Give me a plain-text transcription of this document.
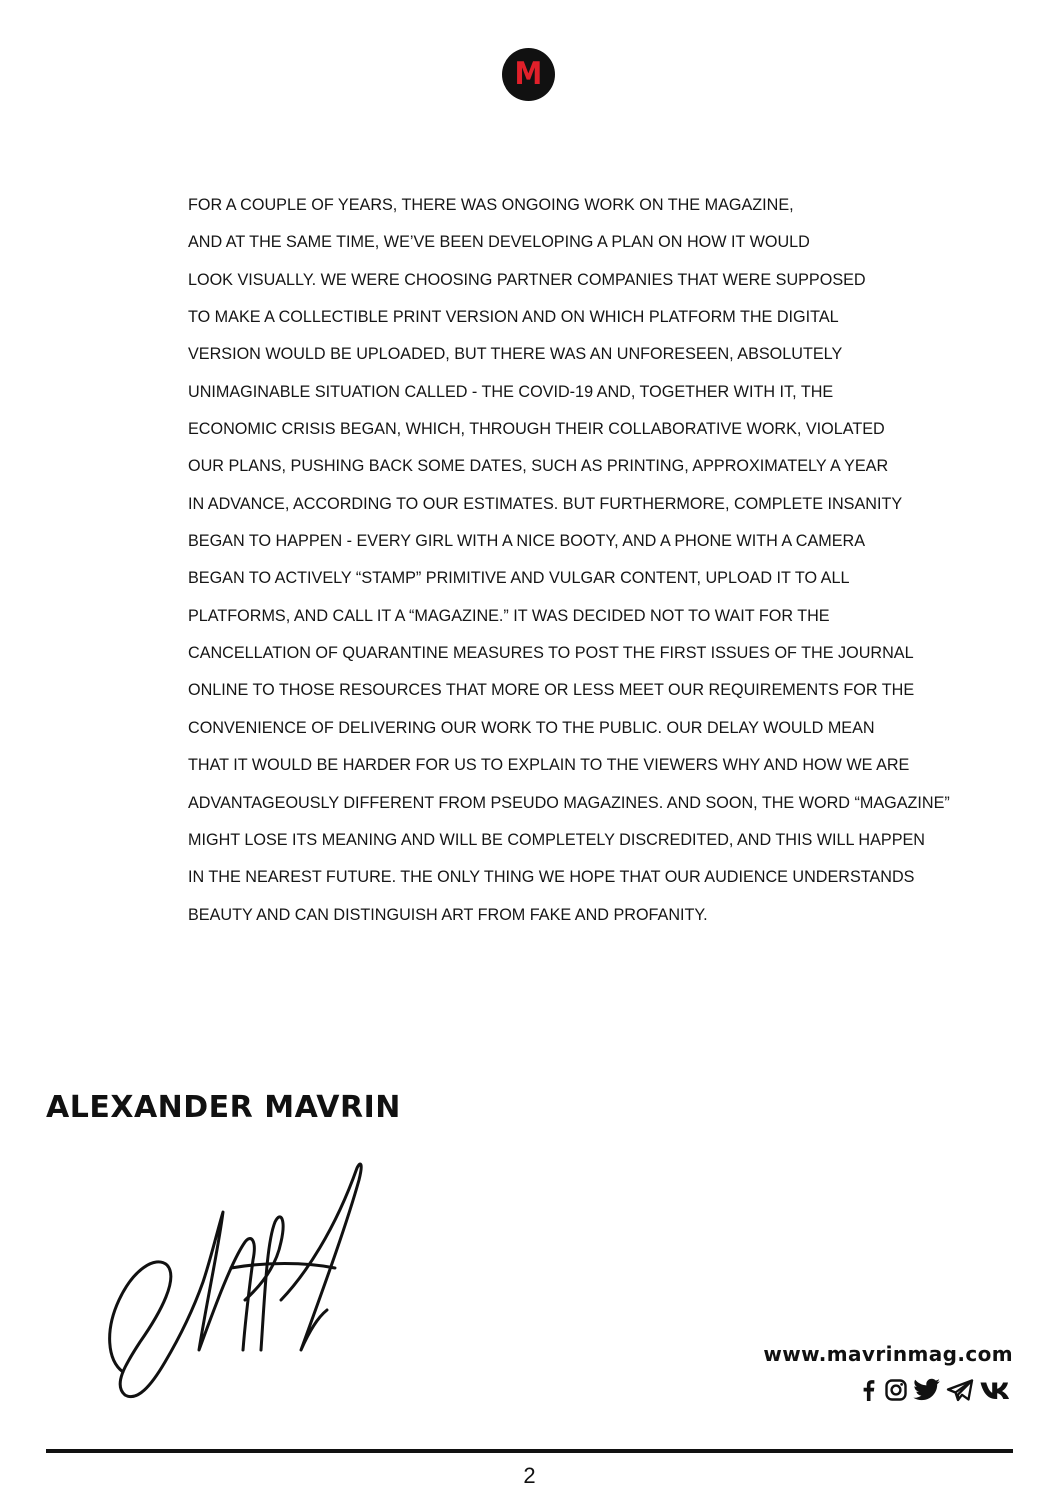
M
FOR A COUPLE OF YEARS, THERE WAS ONGOING WORK ON THE MAGAZINE,
AND AT THE SAME TIME, WE’VE BEEN DEVELOPING A PLAN ON HOW IT WOULD
LOOK VISUALLY. WE WERE CHOOSING PARTNER COMPANIES THAT WERE SUPPOSED
TO MAKE A COLLECTIBLE PRINT VERSION AND ON WHICH PLATFORM THE DIGITAL
VERSION WOULD BE UPLOADED, BUT THERE WAS AN UNFORESEEN, ABSOLUTELY
UNIMAGINABLE SITUATION CALLED - THE COVID-19 AND, TOGETHER WITH IT, THE
ECONOMIC CRISIS BEGAN, WHICH, THROUGH THEIR COLLABORATIVE WORK, VIOLATED
OUR PLANS, PUSHING BACK SOME DATES, SUCH AS PRINTING, APPROXIMATELY A YEAR
IN ADVANCE, ACCORDING TO OUR ESTIMATES. BUT FURTHERMORE, COMPLETE INSANITY
BEGAN TO HAPPEN - EVERY GIRL WITH A NICE BOOTY, AND A PHONE WITH A CAMERA
BEGAN TO ACTIVELY “STAMP” PRIMITIVE AND VULGAR CONTENT, UPLOAD IT TO ALL
PLATFORMS, AND CALL IT A “MAGAZINE.” IT WAS DECIDED NOT TO WAIT FOR THE
CANCELLATION OF QUARANTINE MEASURES TO POST THE FIRST ISSUES OF THE JOURNAL
ONLINE TO THOSE RESOURCES THAT MORE OR LESS MEET OUR REQUIREMENTS FOR THE
CONVENIENCE OF DELIVERING OUR WORK TO THE PUBLIC. OUR DELAY WOULD MEAN
THAT IT WOULD BE HARDER FOR US TO EXPLAIN TO THE VIEWERS WHY AND HOW WE ARE
ADVANTAGEOUSLY DIFFERENT FROM PSEUDO MAGAZINES. AND SOON, THE WORD “MAGAZINE”
MIGHT LOSE ITS MEANING AND WILL BE COMPLETELY DISCREDITED, AND THIS WILL HAPPEN
IN THE NEAREST FUTURE. THE ONLY THING WE HOPE THAT OUR AUDIENCE UNDERSTANDS
BEAUTY AND CAN DISTINGUISH ART FROM FAKE AND PROFANITY.
ALEXANDER MAVRIN
www.mavrinmag.com
2
